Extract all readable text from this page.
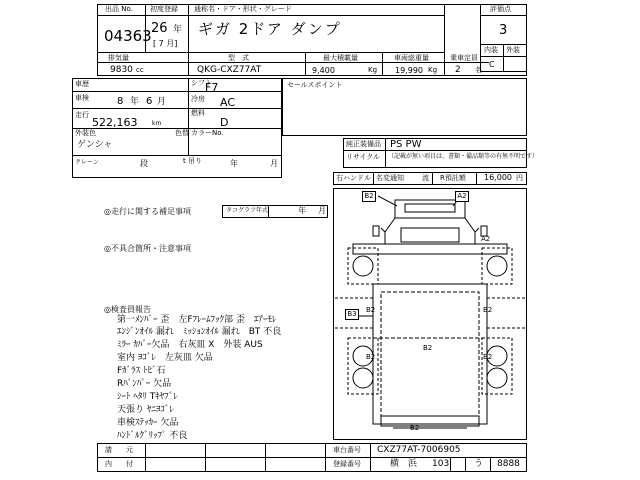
出品 No.
04363
初度登録
26 年
[ 7 月]
通称名・ドア・形状・グレード
ギガ 2ドア ダンプ
排気量
9830 cc
型　式
QKG-CXZ77AT
最大積載量
9,400	Kg
車両総重量
19,990 Kg
乗車定員
2 名
評価点
3
内装 外装
C
車歴	シフト
F7
車検	8 年 6 月	冷房 AC
走行
522,163 km
燃料
D
外装色
ゲンシャ
色替 カラーNo.
クレーン	段	t 吊り	年	月
セールスポイント
純正装備品 PS PW
リサイクル （記載が無い項目は、書類・備品類等の有無不明です）
右ハンドル 名変通知	流 R預託額 16,000 円
◎走行に関する補足事項	タコグラフ年式	年 月
◎不具合箇所・注意事項
◎検査員報告
第一ﾒﾝﾊﾞｰ 歪　左Fﾌﾚｰﾑﾌｯｸ部 歪　ｴｱｰﾓﾚ
ｴﾝｼﾞﾝｵｲﾙ 漏れ　ﾐｯｼｮﾝｵｲﾙ 漏れ　BT 不良
ﾐﾗｰ ｶﾊﾞｰ欠品　右灰皿 X　外装 AUS
室内 ﾖｺﾞﾚ　左灰皿 欠品
Fｶﾞﾗｽ ﾄﾋﾞ石
Rﾊﾞﾝﾊﾟｰ 欠品
ｼｰﾄ ﾍﾀﾘ Tｷﾔﾌﾞﾚ
天張り ﾔﾆﾖｺﾞﾚ
車検ｽﾃｯｶｰ 欠品
ﾊﾝﾄﾞﾙｸﾞﾘｯﾌﾟ 不良
B2	A2
A2
B3	B2	B2
B2	B2
B2
B2
請　　元
内　　付
車台番号 CXZ77AT-7006905
登録番号	横　浜 103	う 8888
